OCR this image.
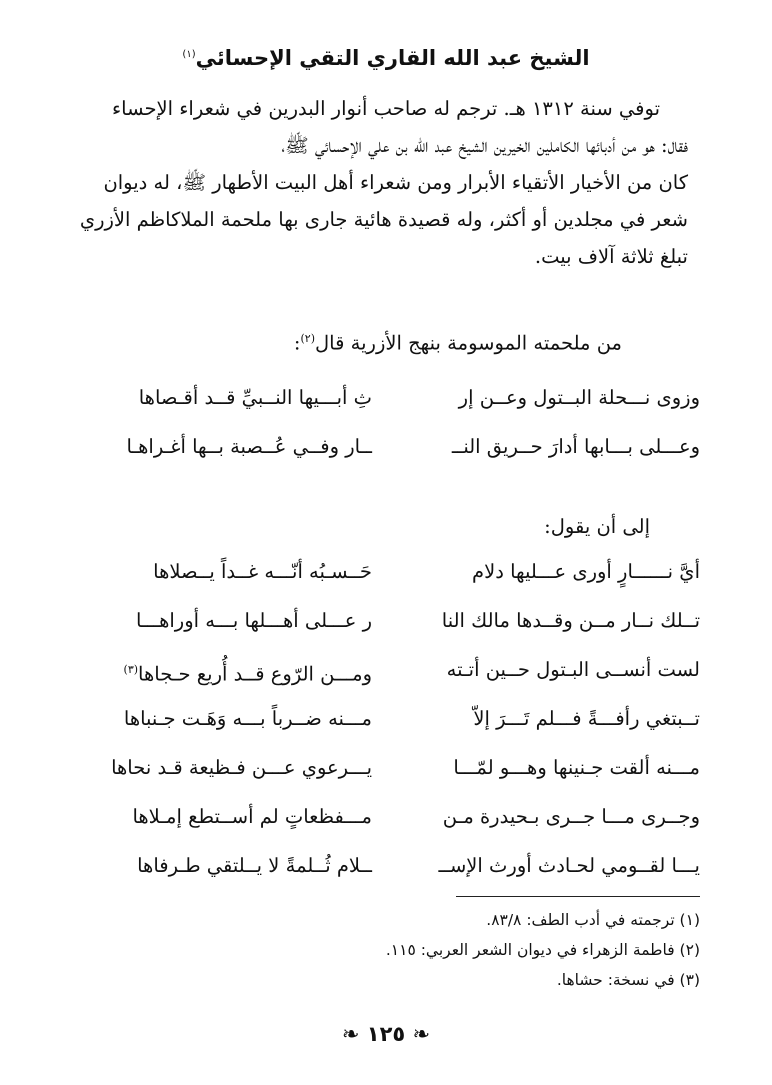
الشيخ عبد الله القاري التقي الإحسائي$^{(١)}$

توفي سنة ١٣١٢ هـ. ترجم له صاحب أنوار البدرين في شعراء الإحساء

فقال: هو من أدبائها الكاملين الخيرين الشيخ عبد الله بن علي الإحسائي ﷺ،

كان من الأخيار الأتقياء الأبرار ومن شعراء أهل البيت الأطهار ﷺ، له ديوان

شعر في مجلدين أو أكثر، وله قصيدة هائية جارى بها ملحمة الملاكاظم الأزري

تبلغ ثلاثة آلاف بيت.

من ملحمته الموسومة بنهج الأزرية قال$^{(٢)}$:
وزوى نـــحلة البــتول وعــن إر
ثِ أبـــيها النــبيِّ قــد أقـصاها
وعـــلى بـــابها أدارَ حــريق النــ
ــار وفــي عُــصبة بــها أغـراهـا
إلى أن يقول:
أيَّ نــــــارٍ أورى عـــليها دلام
حَــسـبُه أنّـــه غــداً يــصلاها
تــلك نــار مــن وقــدها مالك النا
ر عـــلى أهـــلها بـــه أوراهـــا
لست أنســى البـتول حــين أتـته
ومـــن الرّوع قــد أُريع حـجاها$^{(٣)}$
تــبتغي رأفـــةً فـــلم تَـــرَ إلاّ
مـــنه ضــرباً بـــه وَهَـت جـنباها
مـــنه ألقت جـنينها وهـــو لمّـــا
يـــرعوي عـــن فـظيعة قـد نحاها
وجــرى مـــا جــرى بـحيدرة مـن
مـــفظعاتٍ لم أســتطع إمـلاها
يـــا لقــومي لحـادث أورث الإســ
ــلام ثُــلمةً لا يــلتقي طـرفاها
(١) ترجمته في أدب الطف: ٨٣/٨.
(٢) فاطمة الزهراء في ديوان الشعر العربي: ١١٥.
(٣) في نسخة: حشاها.
❧ ١٢٥ ❧
